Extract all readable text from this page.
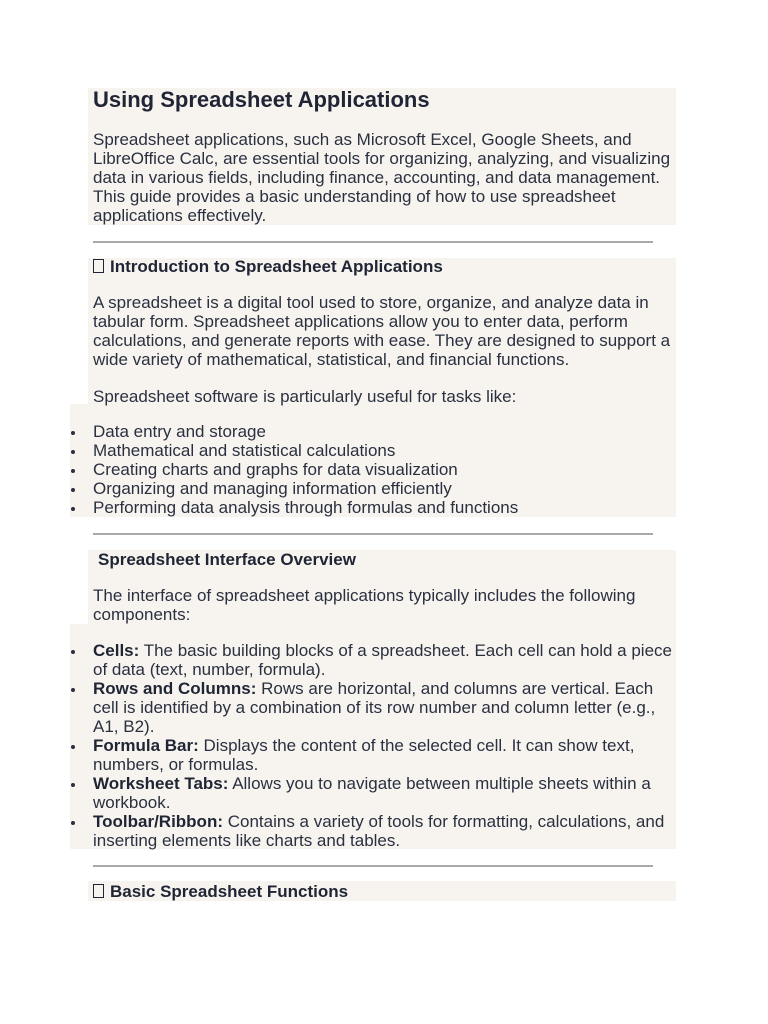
Using Spreadsheet Applications

Spreadsheet applications, such as Microsoft Excel, Google Sheets, and LibreOffice Calc, are essential tools for organizing, analyzing, and visualizing data in various fields, including finance, accounting, and data management. This guide provides a basic understanding of how to use spreadsheet applications effectively.

Introduction to Spreadsheet Applications

A spreadsheet is a digital tool used to store, organize, and analyze data in tabular form. Spreadsheet applications allow you to enter data, perform calculations, and generate reports with ease. They are designed to support a wide variety of mathematical, statistical, and financial functions.

Spreadsheet software is particularly useful for tasks like:

Data entry and storage
Mathematical and statistical calculations
Creating charts and graphs for data visualization
Organizing and managing information efficiently
Performing data analysis through formulas and functions
Spreadsheet Interface Overview

The interface of spreadsheet applications typically includes the following components:

Cells: The basic building blocks of a spreadsheet. Each cell can hold a piece of data (text, number, formula).
Rows and Columns: Rows are horizontal, and columns are vertical. Each cell is identified by a combination of its row number and column letter (e.g., A1, B2).
Formula Bar: Displays the content of the selected cell. It can show text, numbers, or formulas.
Worksheet Tabs: Allows you to navigate between multiple sheets within a workbook.
Toolbar/Ribbon: Contains a variety of tools for formatting, calculations, and inserting elements like charts and tables.
Basic Spreadsheet Functions
